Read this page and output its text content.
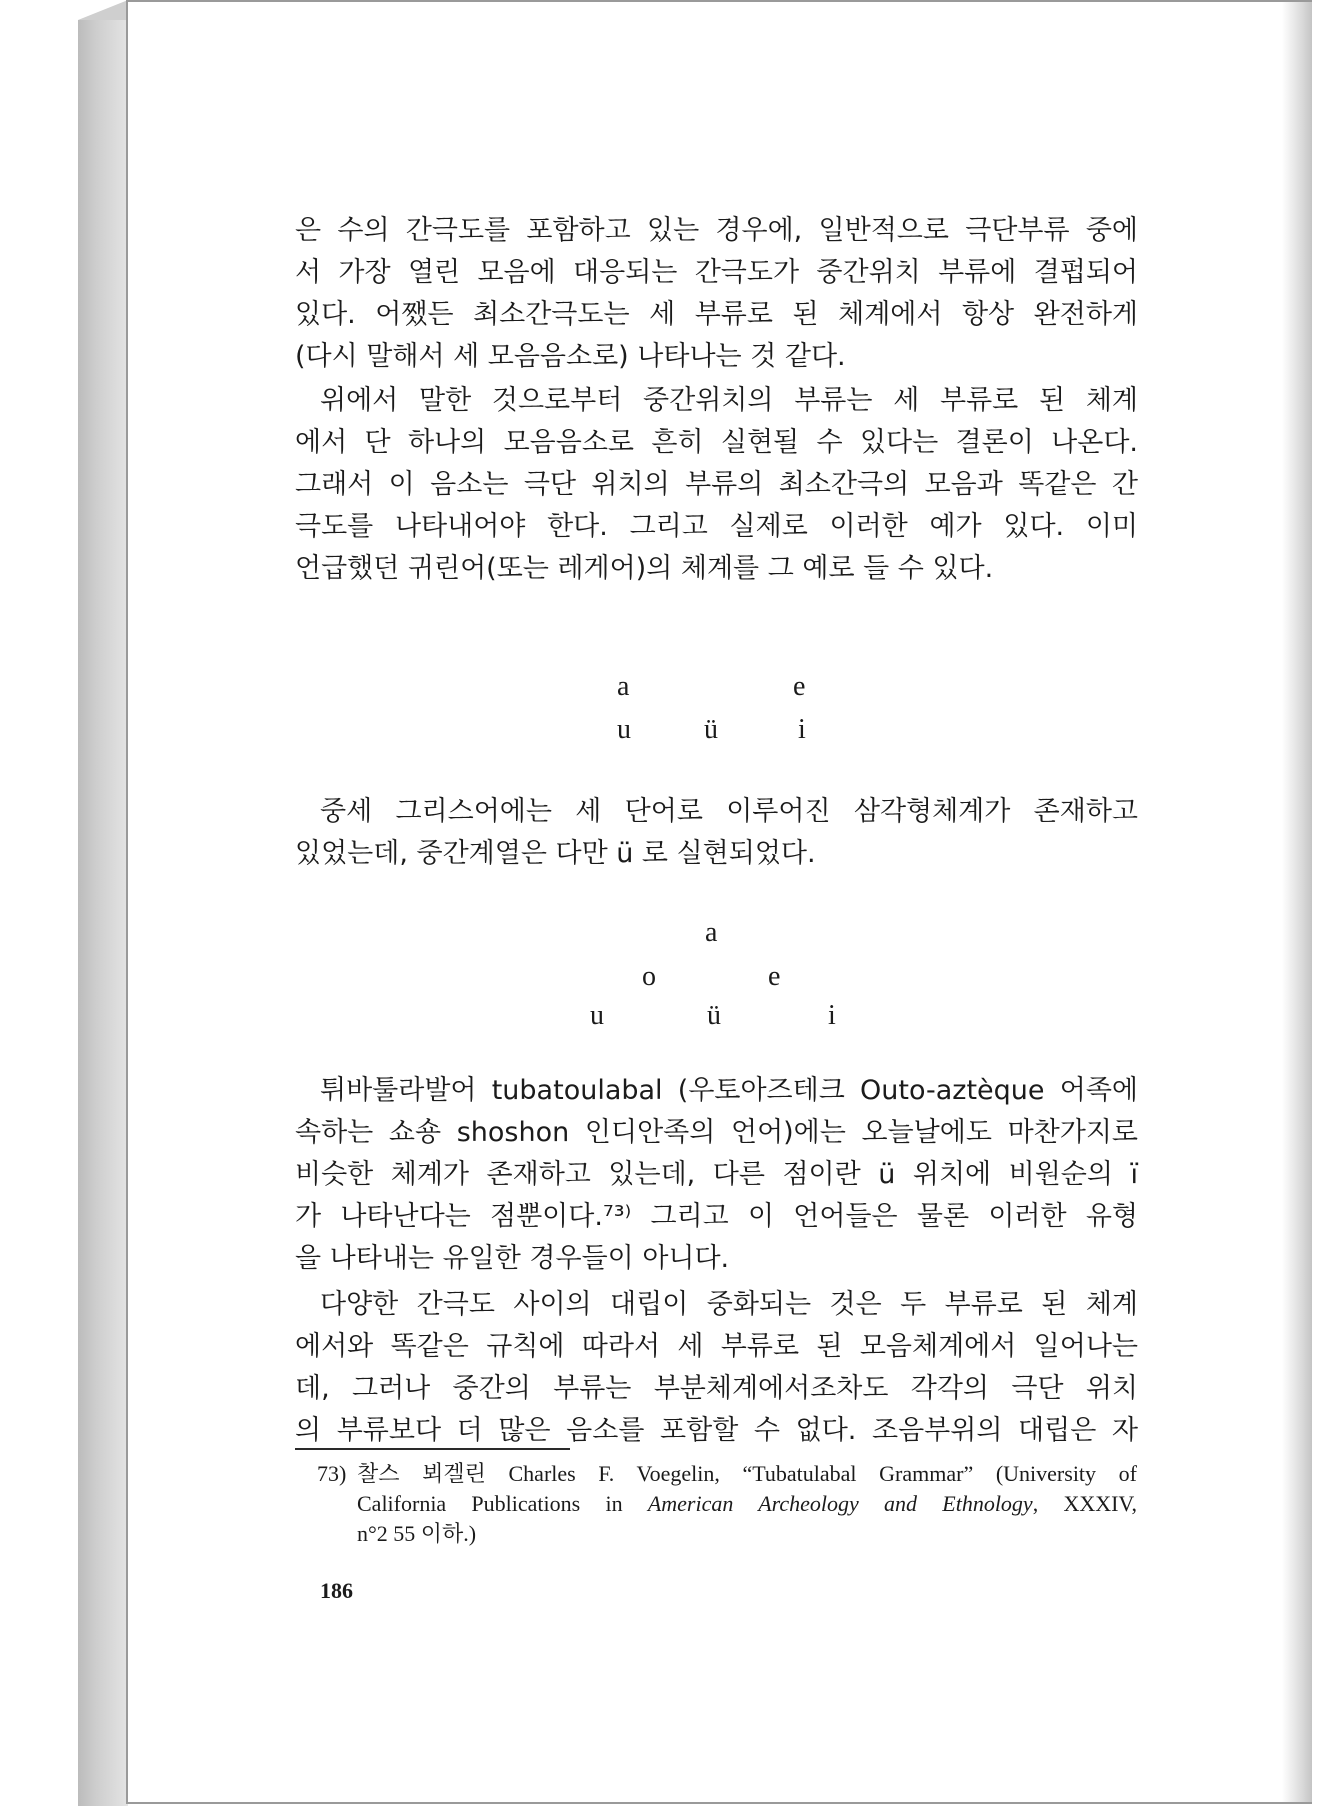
은 수의 간극도를 포함하고 있는 경우에, 일반적으로 극단부류 중에
서 가장 열린 모음에 대응되는 간극도가 중간위치 부류에 결펍되어
있다. 어쨌든 최소간극도는 세 부류로 된 체계에서 항상 완전하게
(다시 말해서 세 모음음소로) 나타나는 것 같다.
위에서 말한 것으로부터 중간위치의 부류는 세 부류로 된 체계
에서 단 하나의 모음음소로 흔히 실현될 수 있다는 결론이 나온다.
그래서 이 음소는 극단 위치의 부류의 최소간극의 모음과 똑같은 간
극도를 나타내어야 한다. 그리고 실제로 이러한 예가 있다. 이미
언급했던 귀린어(또는 레게어)의 체계를 그 예로 들 수 있다.
a	e
u	ü	i
중세 그리스어에는 세 단어로 이루어진 삼각형체계가 존재하고
있었는데, 중간계열은 다만 ü 로 실현되었다.
a
o	e
u	ü	i
튀바툴라발어 tubatoulabal (우토아즈테크 Outo-aztèque 어족에
속하는 쇼숑 shoshon 인디안족의 언어)에는 오늘날에도 마찬가지로
비슷한 체계가 존재하고 있는데, 다른 점이란 ü 위치에 비원순의 ï
가 나타난다는 점뿐이다.⁷³⁾ 그리고 이 언어들은 물론 이러한 유형
을 나타내는 유일한 경우들이 아니다.
다양한 간극도 사이의 대립이 중화되는 것은 두 부류로 된 체계
에서와 똑같은 규칙에 따라서 세 부류로 된 모음체계에서 일어나는
데, 그러나 중간의 부류는 부분체계에서조차도 각각의 극단 위치
의 부류보다 더 많은 음소를 포함할 수 없다. 조음부위의 대립은 자
73) 찰스 뵈겔린 Charles F. Voegelin, “Tubatulabal Grammar” (University of
California Publications in American Archeology and Ethnology, XXXIV,
n°2 55 이하.)
186
